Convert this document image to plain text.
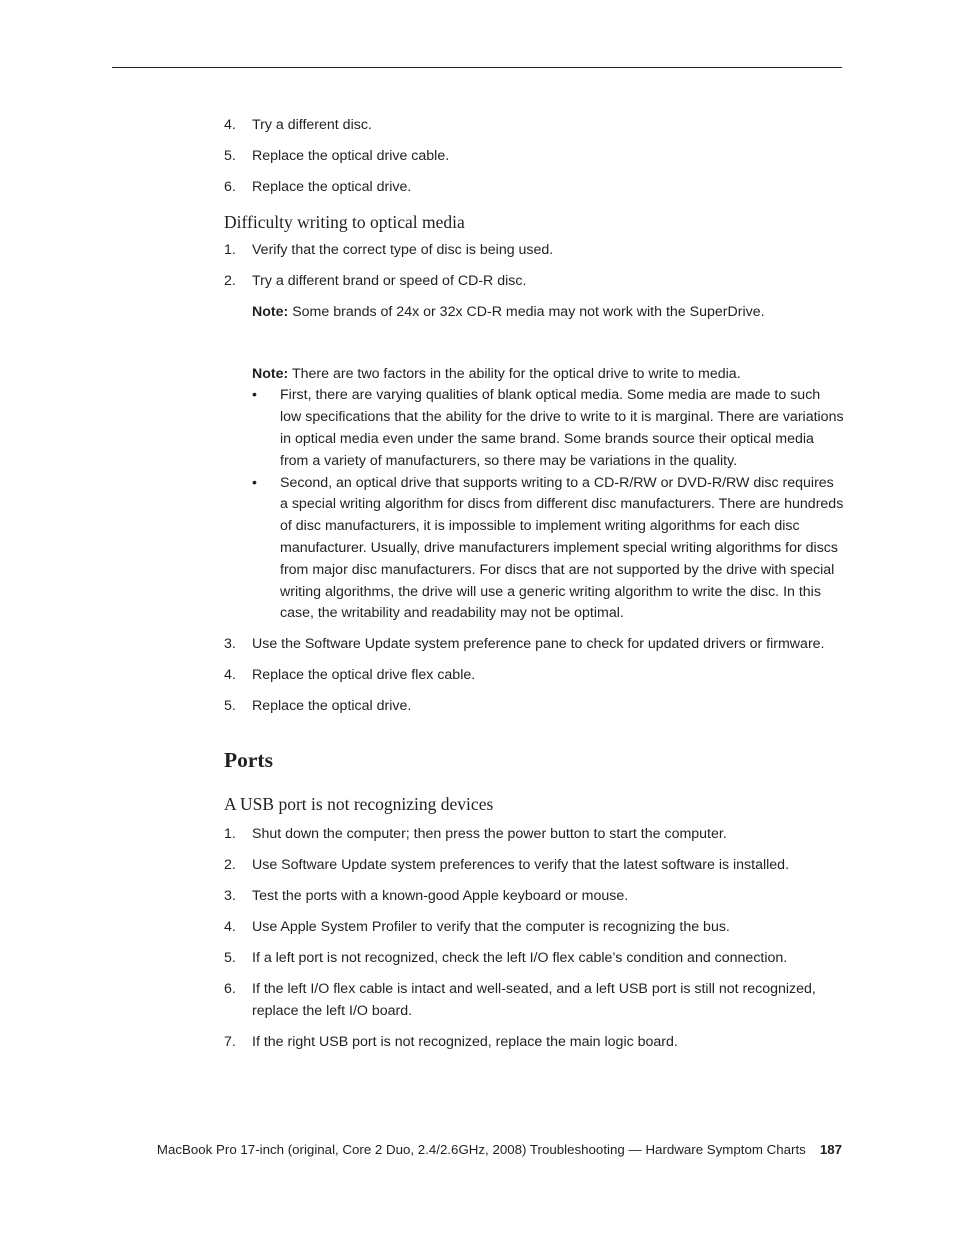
4. Try a different disc.
5. Replace the optical drive cable.
6. Replace the optical drive.
Difficulty writing to optical media
1. Verify that the correct type of disc is being used.
2. Try a different brand or speed of CD-R disc.
Note: Some brands of 24x or 32x CD-R media may not work with the SuperDrive.
Note: There are two factors in the ability for the optical drive to write to media.
• First, there are varying qualities of blank optical media. Some media are made to such low specifications that the ability for the drive to write to it is marginal. There are variations in optical media even under the same brand. Some brands source their optical media from a variety of manufacturers, so there may be variations in the quality.
• Second, an optical drive that supports writing to a CD-R/RW or DVD-R/RW disc requires a special writing algorithm for discs from different disc manufacturers. There are hundreds of disc manufacturers, it is impossible to implement writing algorithms for each disc manufacturer. Usually, drive manufacturers implement special writing algorithms for discs from major disc manufacturers. For discs that are not supported by the drive with special writing algorithms, the drive will use a generic writing algorithm to write the disc. In this case, the writability and readability may not be optimal.
3. Use the Software Update system preference pane to check for updated drivers or firmware.
4. Replace the optical drive flex cable.
5. Replace the optical drive.
Ports
A USB port is not recognizing devices
1. Shut down the computer; then press the power button to start the computer.
2. Use Software Update system preferences to verify that the latest software is installed.
3. Test the ports with a known-good Apple keyboard or mouse.
4. Use Apple System Profiler to verify that the computer is recognizing the bus.
5. If a left port is not recognized, check the left I/O flex cable’s condition and connection.
6. If the left I/O flex cable is intact and well-seated, and a left USB port is still not recognized, replace the left I/O board.
7. If the right USB port is not recognized, replace the main logic board.
MacBook Pro 17-inch (original, Core 2 Duo, 2.4/2.6GHz, 2008) Troubleshooting — Hardware Symptom Charts 187
